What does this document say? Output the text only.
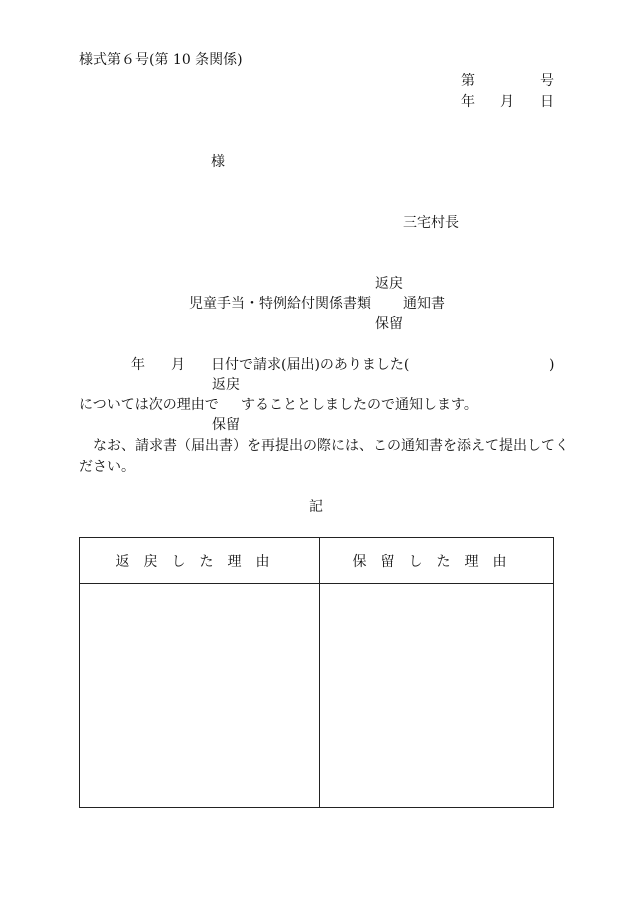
様式第６号(第 10 条関係)
第	号
年 月 日
様
三宅村長
返戻
児童手当・特例給付関係書類 通知書
保留
年 月 日付で請求(届出)のありました(	)
返戻
については次の理由で することとしましたので通知します。
保留
なお、請求書（届出書）を再提出の際には、この通知書を添えて提出してく
ださい。
記
返戻した理由	保留した理由
